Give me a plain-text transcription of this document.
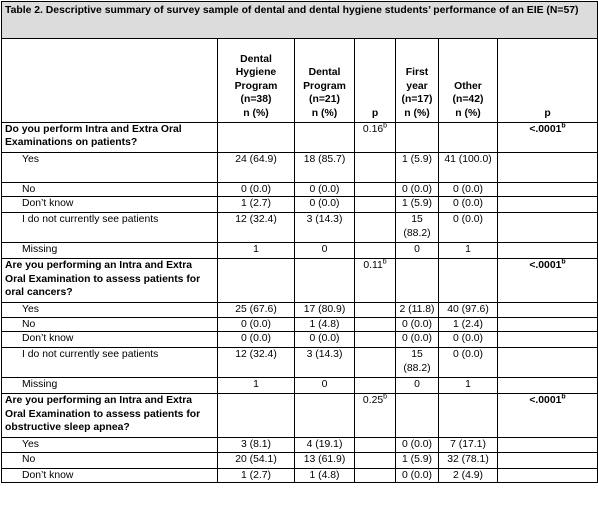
Table 2. Descriptive summary of survey sample of dental and dental hygiene students’ performance of an EIE (N=57)						
	Dental
Hygiene
Program
(n=38)
n (%)	Dental
Program
(n=21)
n (%)	p	First
year
(n=17)
n (%)	Other
(n=42)
n (%)	p
Do you perform Intra and Extra Oral Examinations on patients?			0.16$^b$			<.0001$^b$
Yes	24 (64.9)	18 (85.7)		1 (5.9)	41 (100.0)	
No	0 (0.0)	0 (0.0)		0 (0.0)	0 (0.0)	
Don’t know	1 (2.7)	0 (0.0)		1 (5.9)	0 (0.0)	
I do not currently see patients	12 (32.4)	3 (14.3)		15 (88.2)	0 (0.0)	
Missing	1	0		0	1	
Are you performing an Intra and Extra Oral Examination to assess patients for oral cancers?			0.11$^b$			<.0001$^b$
Yes	25 (67.6)	17 (80.9)		2 (11.8)	40 (97.6)	
No	0 (0.0)	1 (4.8)		0 (0.0)	1 (2.4)	
Don’t know	0 (0.0)	0 (0.0)		0 (0.0)	0 (0.0)	
I do not currently see patients	12 (32.4)	3 (14.3)		15 (88.2)	0 (0.0)	
Missing	1	0		0	1	
Are you performing an Intra and Extra Oral Examination to assess patients for obstructive sleep apnea?			0.25$^b$			<.0001$^b$
Yes	3 (8.1)	4 (19.1)		0 (0.0)	7 (17.1)	
No	20 (54.1)	13 (61.9)		1 (5.9)	32 (78.1)	
Don’t know	1 (2.7)	1 (4.8)		0 (0.0)	2 (4.9)	
